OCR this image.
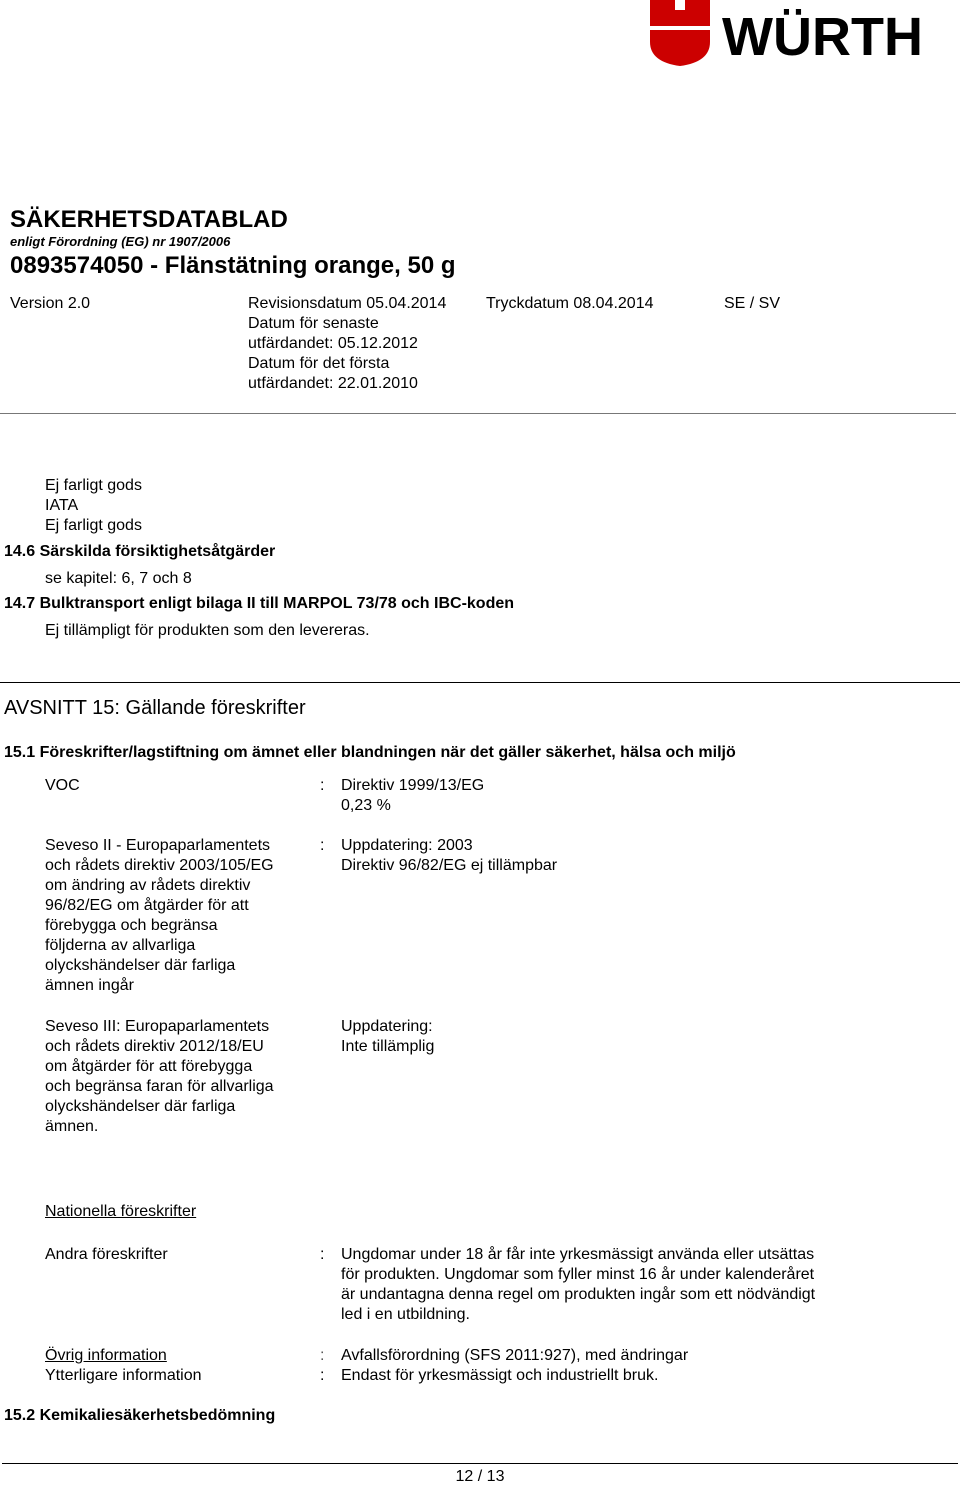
WÜRTH
SÄKERHETSDATABLAD
enligt Förordning (EG) nr 1907/2006
0893574050 - Flänstätning orange, 50 g
Version 2.0	Revisionsdatum 05.04.2014
Datum för senaste
utfärdandet: 05.12.2012
Datum för det första
utfärdandet: 22.01.2010
Tryckdatum 08.04.2014	SE / SV
Ej farligt gods
IATA
Ej farligt gods
14.6 Särskilda försiktighetsåtgärder
se kapitel: 6, 7 och 8
14.7 Bulktransport enligt bilaga II till MARPOL 73/78 och IBC-koden
Ej tillämpligt för produkten som den levereras.
AVSNITT 15: Gällande föreskrifter
15.1 Föreskrifter/lagstiftning om ämnet eller blandningen när det gäller säkerhet, hälsa och miljö
VOC	: Direktiv 1999/13/EG
0,23 %
Seveso II - Europaparlamentets
och rådets direktiv 2003/105/EG
om ändring av rådets direktiv
96/82/EG om åtgärder för att
förebygga och begränsa
följderna av allvarliga
olyckshändelser där farliga
ämnen ingår
: Uppdatering: 2003
Direktiv 96/82/EG ej tillämpbar
Seveso III: Europaparlamentets
och rådets direktiv 2012/18/EU
om åtgärder för att förebygga
och begränsa faran för allvarliga
olyckshändelser där farliga
ämnen.
Uppdatering:
Inte tillämplig
Nationella föreskrifter
Andra föreskrifter	: Ungdomar under 18 år får inte yrkesmässigt använda eller utsättas
för produkten. Ungdomar som fyller minst 16 år under kalenderåret
är undantagna denna regel om produkten ingår som ett nödvändigt
led i en utbildning.
Övrig information	: Avfallsförordning (SFS 2011:927), med ändringar
Ytterligare information	: Endast för yrkesmässigt och industriellt bruk.
15.2 Kemikaliesäkerhetsbedömning
12 / 13
